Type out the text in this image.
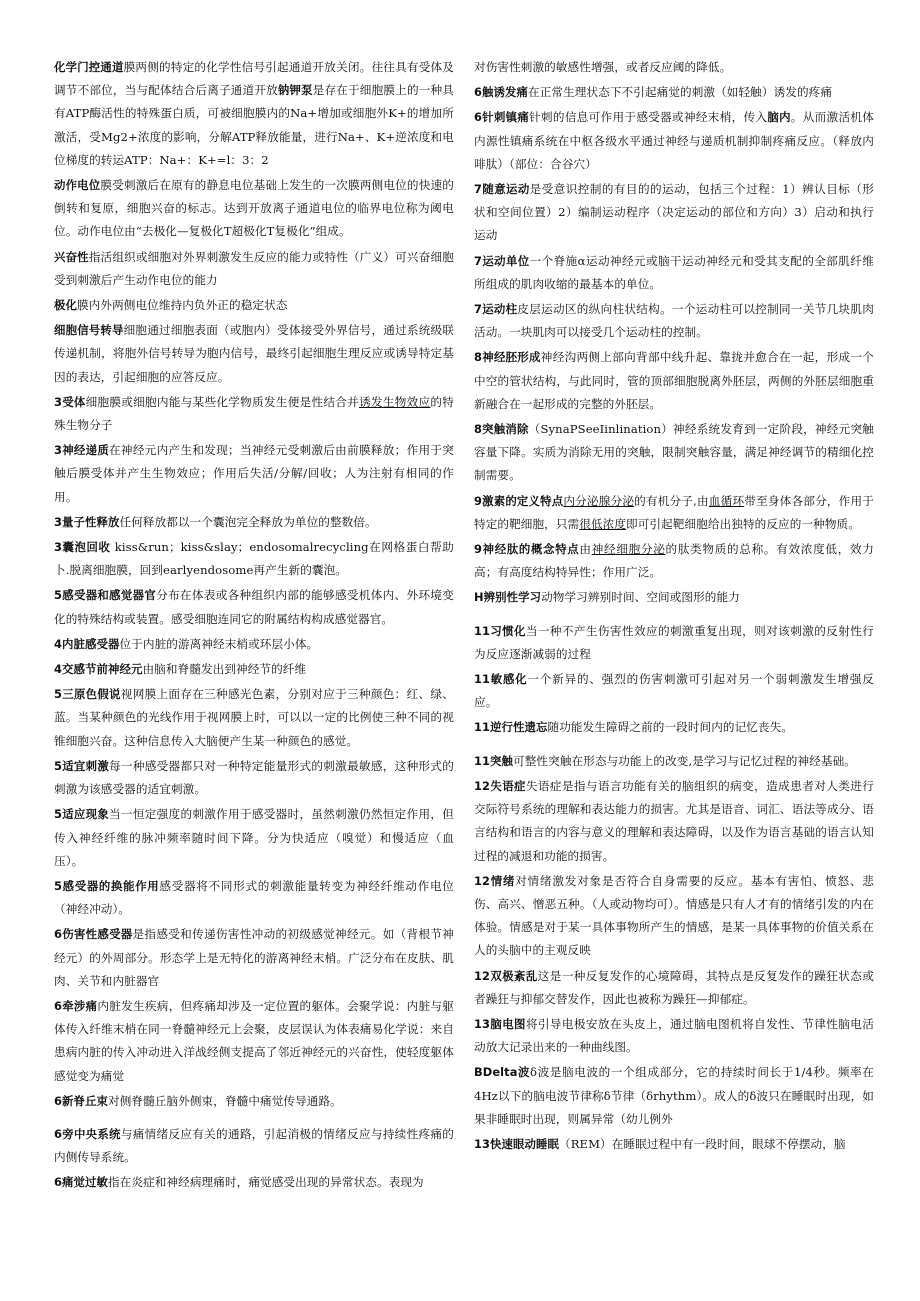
化学门控通道膜两侧的特定的化学性信号引起通道开放关闭。往往具有受体及调节不部位，当与配体结合后离子通道开放钠钾泵是存在于细胞膜上的一种具有ATP酶活性的特殊蛋白质，可被细胞膜内的Na+增加或细胞外K+的增加所激活，受Mg2+浓度的影响，分解ATP释放能量，进行Na+、K+逆浓度和电位梯度的转运ATP：Na+：K+=l：3：2

动作电位膜受刺激后在原有的静息电位基础上发生的一次膜两侧电位的快速的倒转和复原，细胞兴奋的标志。达到开放离子通道电位的临界电位称为阈电位。动作电位由“去极化—复极化Τ超极化Τ复极化”组成。

兴奋性指活组织或细胞对外界刺激发生反应的能力或特性（广义）可兴奋细胞受到刺激后产生动作电位的能力

极化膜内外两侧电位维持内负外正的稳定状态

细胞信号转导细胞通过细胞表面（或胞内）受体接受外界信号，通过系统级联传递机制，将胞外信号转导为胞内信号，最终引起细胞生理反应或诱导特定基因的表达，引起细胞的应答反应。

3受体细胞膜或细胞内能与某些化学物质发生便是性结合并诱发生物效应的特殊生物分子

3神经递质在神经元内产生和发现；当神经元受刺激后由前膜释放；作用于突触后膜受体并产生生物效应；作用后失活/分解/回收；人为注射有相同的作用。

3量子性释放任何释放都以一个囊泡完全释放为单位的整数倍。

3囊泡回收 kiss&run；kiss&slay；endosomalrecycling在网格蛋白帮助卜.脱离细胞膜，回到earlyendosome再产生新的囊泡。

5感受器和感觉器官分布在体表或各种组织内部的能够感受机体内、外环境变化的特殊结构或装置。感受细胞连同它的附属结构构成感觉器官。

4内脏感受器位于内脏的游离神经末梢或环层小体。

4交感节前神经元由脑和脊髓发出到神经节的纤维

5三原色假说视网膜上面存在三种感光色素，分别对应于三种颜色：红、绿、蓝。当某种颜色的光线作用于视网膜上时，可以以一定的比例使三种不同的视锥细胞兴奋。这种信息传入大脑便产生某一种颜色的感觉。

5适宜刺激每一种感受器都只对一种特定能量形式的刺激最敏感，这种形式的刺激为该感受器的适宜刺激。

5适应现象当一恒定强度的刺激作用于感受器时，虽然刺激仍然恒定作用，但传入神经纤维的脉冲频率随时间下降。分为快适应（嗅觉）和慢适应（血压）。

5感受器的换能作用感受器将不同形式的刺激能量转变为神经纤维动作电位（神经冲动）。

6伤害性感受器是指感受和传递伤害性冲动的初级感觉神经元。如（背根节神经元）的外周部分。形态学上是无特化的游离神经末梢。广泛分布在皮肤、肌肉、关节和内脏器官

6牵涉痛内脏发生疾病，但疼痛却涉及一定位置的躯体。会聚学说：内脏与躯体传入纤维末梢在同一脊髓神经元上会聚，皮层误认为体表痛易化学说：来自患病内脏的传入冲动进入洋战经侧支提高了邻近神经元的兴奋性，使轻度躯体感觉变为痛觉

6新脊丘束对侧脊髓丘脑外侧束，脊髓中痛觉传导通路。

6旁中央系统与痛情绪反应有关的通路，引起消极的情绪反应与持续性疼痛的内侧传导系统。

6痛觉过敏指在炎症和神经病理痛时，痛觉感受出现的异常状态。表现为

对伤害性刺激的敏感性增强，或者反应阈的降低。

6触诱发痛在正常生理状态下不引起痛觉的刺激（如轻触）诱发的疼痛

6针刺镇痛针刺的信息可作用于感受器或神经末梢，传入脑内。从而激活机体内源性镇痛系统在中枢各级水平通过神经与递质机制抑制疼痛反应。（释放内啡肽）（部位：合谷穴）

7随意运动是受意识控制的有目的的运动，包括三个过程：1）辨认目标（形状和空间位置）2）编制运动程序（决定运动的部位和方向）3）启动和执行运动

7运动单位一个脊施α运动神经元或脑干运动神经元和受其支配的全部肌纤维所组成的肌肉收缩的最基本的单位。

7运动柱皮层运动区的纵向柱状结构。一个运动柱可以控制同一关节几块肌肉活动。一块肌肉可以接受几个运动柱的控制。

8神经胚形成神经沟两侧上部向背部中线升起、靠拢并愈合在一起，形成一个中空的管状结构，与此同时，管的顶部细胞脱离外胚层，两侧的外胚层细胞重新融合在一起形成的完整的外胚层。

8突触消除（SynaPSeeIinlination）神经系统发育到一定阶段，神经元突触容量下降。实质为消除无用的突触，限制突触容量，满足神经调节的精细化控制需要。

9激素的定义特点内分泌腺分泌的有机分子,由血循环带至身体各部分，作用于特定的靶细胞，只需很低浓度即可引起靶细胞给出独特的反应的一种物质。

9神经肽的概念特点由神经细胞分泌的肽类物质的总称。有效浓度低，效力高；有高度结构特异性；作用广泛。

H辨别性学习动物学习辨别时间、空间或图形的能力

11习惯化当一种不产生伤害性效应的刺激重复出现，则对该刺激的反射性行为反应逐渐减弱的过程

11敏感化一个新异的、强烈的伤害刺激可引起对另一个弱刺激发生增强反应。

11逆行性遗忘随功能发生障碍之前的一段时间内的记忆丧失。

11突触可整性突触在形态与功能上的改变,是学习与记忆过程的神经基础。

12失语症失语症是指与语言功能有关的脑组织的病变，造成患者对人类进行交际符号系统的理解和表达能力的损害。尤其是语音、词汇、语法等成分、语言结构和语言的内容与意义的理解和表达障碍，以及作为语言基础的语言认知过程的减退和功能的损害。

12情绪对情绪激发对象是否符合自身需要的反应。基本有害怕、愤怒、悲伤、高兴、憎恶五种。（人或动物均可）。情感是只有人才有的情绪引发的内在体验。情感是对于某一具体事物所产生的情感，是某一具体事物的价值关系在人的头脑中的主观反映

12双极紊乱这是一种反复发作的心境障碍，其特点是反复发作的躁狂状态或者躁狂与抑郁交替发作，因此也被称为躁狂—抑郁症。

13脑电图将引导电极安放在头皮上，通过脑电图机将自发性、节律性脑电活动放大记录出来的一种曲线图。

BDelta波δ波是脑电波的一个组成部分，它的持续时间长于1/4秒。频率在4Hz以下的脑电波节律称δ节律（δrhythm）。成人的δ波只在睡眠时出现，如果非睡眠时出现，则属异常（幼儿例外

13快速眼动睡眠（REM）在睡眠过程中有一段时间，眼球不停摆动，脑
